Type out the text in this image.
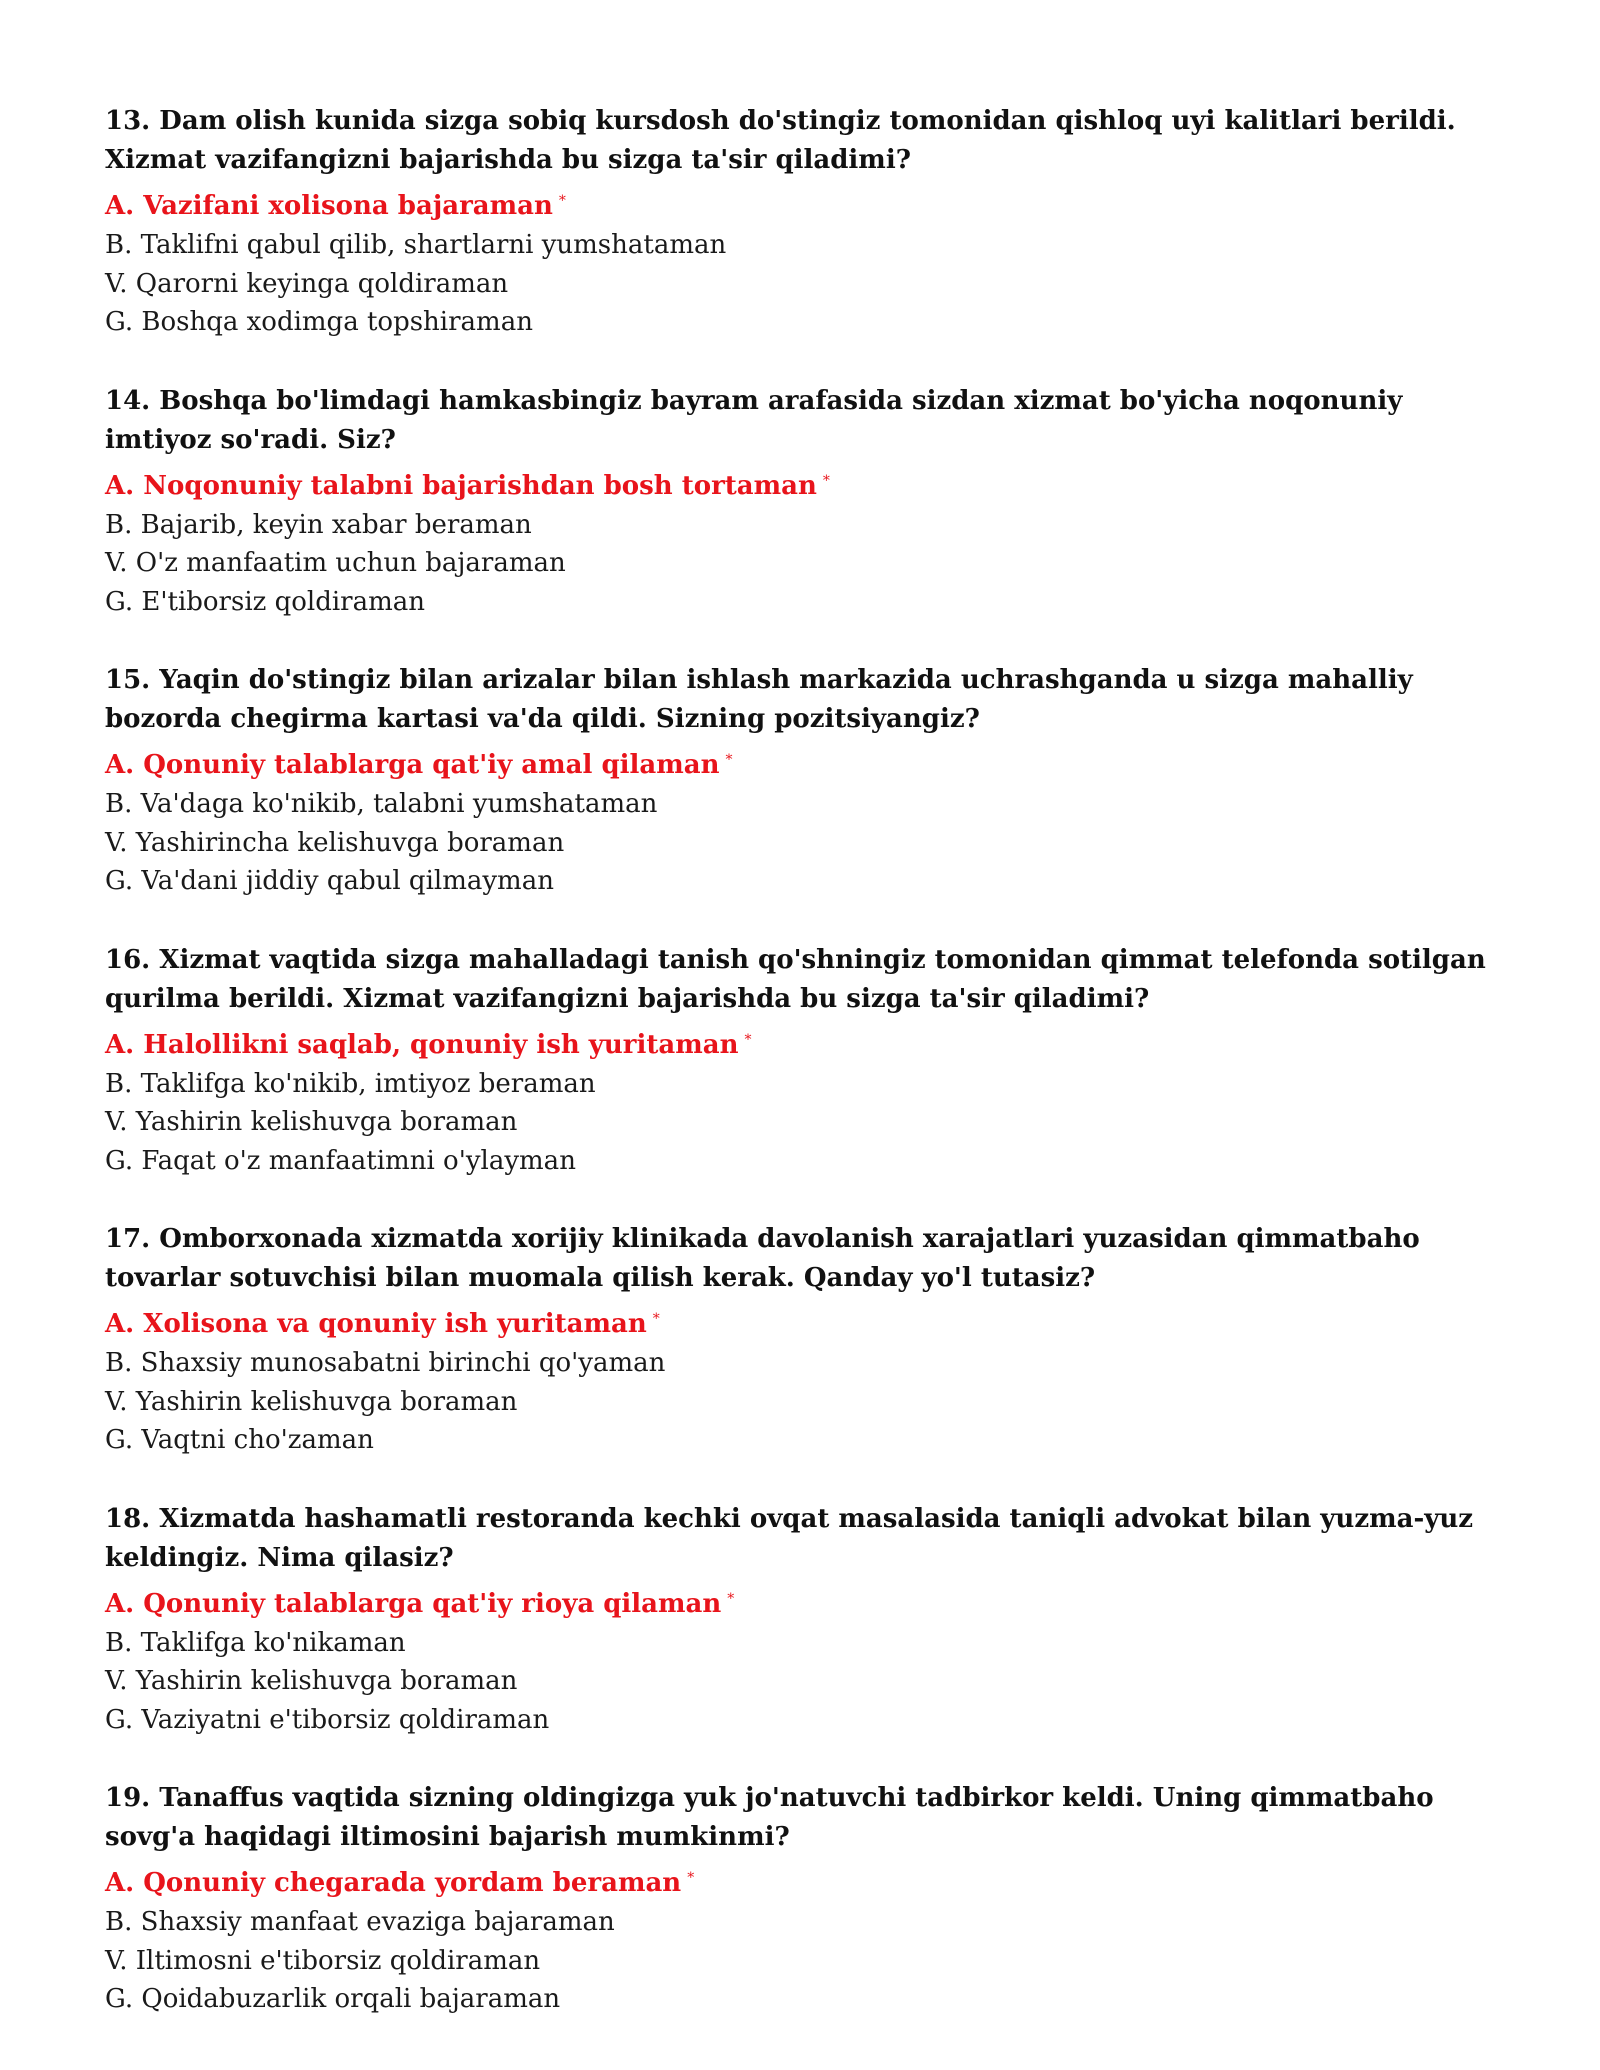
13. Dam olish kunida sizga sobiq kursdosh do'stingiz tomonidan qishloq uyi kalitlari berildi. Xizmat vazifangizni bajarishda bu sizga ta'sir qiladimi?

A. Vazifani xolisona bajaraman *

B. Taklifni qabul qilib, shartlarni yumshataman

V. Qarorni keyinga qoldiraman

G. Boshqa xodimga topshiraman

14. Boshqa bo'limdagi hamkasbingiz bayram arafasida sizdan xizmat bo'yicha noqonuniy imtiyoz so'radi. Siz?

A. Noqonuniy talabni bajarishdan bosh tortaman *

B. Bajarib, keyin xabar beraman

V. O'z manfaatim uchun bajaraman

G. E'tiborsiz qoldiraman

15. Yaqin do'stingiz bilan arizalar bilan ishlash markazida uchrashganda u sizga mahalliy bozorda chegirma kartasi va'da qildi. Sizning pozitsiyangiz?

A. Qonuniy talablarga qat'iy amal qilaman *

B. Va'daga ko'nikib, talabni yumshataman

V. Yashirincha kelishuvga boraman

G. Va'dani jiddiy qabul qilmayman

16. Xizmat vaqtida sizga mahalladagi tanish qo'shningiz tomonidan qimmat telefonda sotilgan qurilma berildi. Xizmat vazifangizni bajarishda bu sizga ta'sir qiladimi?

A. Halollikni saqlab, qonuniy ish yuritaman *

B. Taklifga ko'nikib, imtiyoz beraman

V. Yashirin kelishuvga boraman

G. Faqat o'z manfaatimni o'ylayman

17. Omborxonada xizmatda xorijiy klinikada davolanish xarajatlari yuzasidan qimmatbaho tovarlar sotuvchisi bilan muomala qilish kerak. Qanday yo'l tutasiz?

A. Xolisona va qonuniy ish yuritaman *

B. Shaxsiy munosabatni birinchi qo'yaman

V. Yashirin kelishuvga boraman

G. Vaqtni cho'zaman

18. Xizmatda hashamatli restoranda kechki ovqat masalasida taniqli advokat bilan yuzma-yuz keldingiz. Nima qilasiz?

A. Qonuniy talablarga qat'iy rioya qilaman *

B. Taklifga ko'nikaman

V. Yashirin kelishuvga boraman

G. Vaziyatni e'tiborsiz qoldiraman

19. Tanaffus vaqtida sizning oldingizga yuk jo'natuvchi tadbirkor keldi. Uning qimmatbaho sovg'a haqidagi iltimosini bajarish mumkinmi?

A. Qonuniy chegarada yordam beraman *

B. Shaxsiy manfaat evaziga bajaraman

V. Iltimosni e'tiborsiz qoldiraman

G. Qoidabuzarlik orqali bajaraman
